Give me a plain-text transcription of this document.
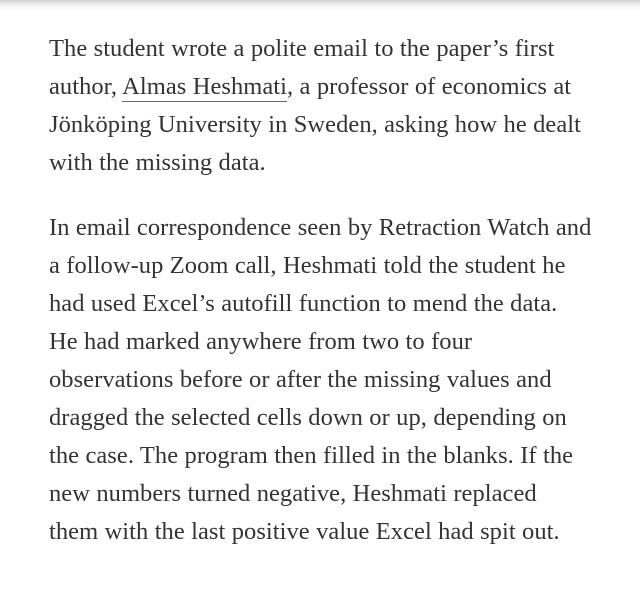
The student wrote a polite email to the paper’s first author, Almas Heshmati, a professor of economics at Jönköping University in Sweden, asking how he dealt with the missing data.

In email correspondence seen by Retraction Watch and a follow-up Zoom call, Heshmati told the student he had used Excel’s autofill function to mend the data. He had marked anywhere from two to four observations before or after the missing values and dragged the selected cells down or up, depending on the case. The program then filled in the blanks. If the new numbers turned negative, Heshmati replaced them with the last positive value Excel had spit out.
